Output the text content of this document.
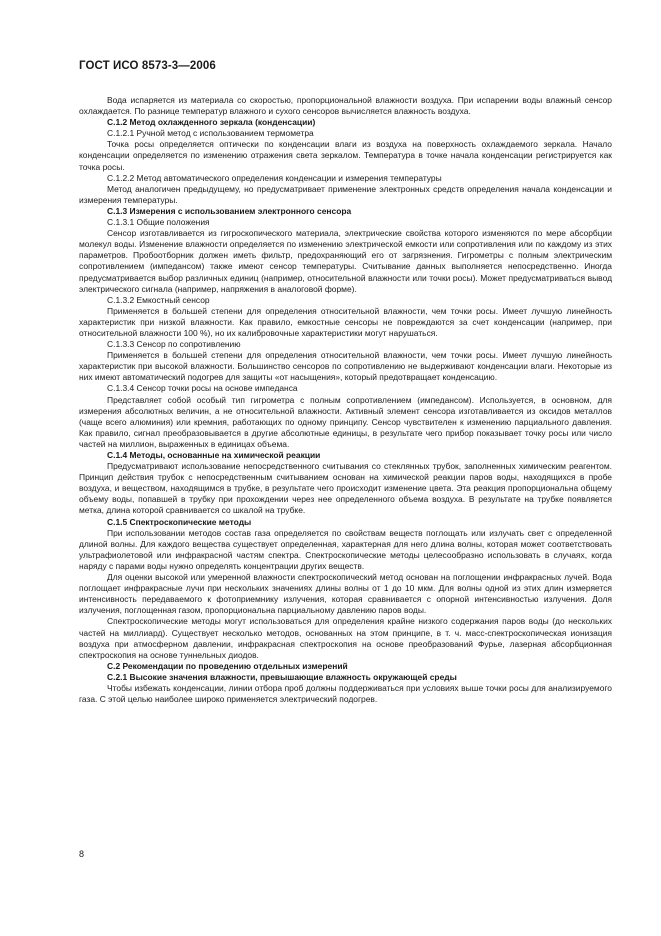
ГОСТ ИСО 8573-3—2006

Вода испаряется из материала со скоростью, пропорциональной влажности воздуха. При испарении воды влажный сенсор охлаждается. По разнице температур влажного и сухого сенсоров вычисляется влажность воздуха.

С.1.2 Метод охлажденного зеркала (конденсации)

С.1.2.1 Ручной метод с использованием термометра

Точка росы определяется оптически по конденсации влаги из воздуха на поверхность охлаждаемого зеркала. Начало конденсации определяется по изменению отражения света зеркалом. Температура в точке начала конденсации регистрируется как точка росы.

С.1.2.2 Метод автоматического определения конденсации и измерения температуры

Метод аналогичен предыдущему, но предусматривает применение электронных средств определения начала конденсации и измерения температуры.

С.1.3 Измерения с использованием электронного сенсора

С.1.3.1 Общие положения

Сенсор изготавливается из гигроскопического материала, электрические свойства которого изменяются по мере абсорбции молекул воды. Изменение влажности определяется по изменению электрической емкости или сопротивления или по каждому из этих параметров. Пробоотборник должен иметь фильтр, предохраняющий его от загрязнения. Гигрометры с полным электрическим сопротивлением (импедансом) также имеют сенсор температуры. Считывание данных выполняется непосредственно. Иногда предусматривается выбор различных единиц (например, относительной влажности или точки росы). Может предусматриваться вывод электрического сигнала (например, напряжения в аналоговой форме).

С.1.3.2 Емкостный сенсор

Применяется в большей степени для определения относительной влажности, чем точки росы. Имеет лучшую линейность характеристик при низкой влажности. Как правило, емкостные сенсоры не повреждаются за счет конденсации (например, при относительной влажности 100 %), но их калибровочные характеристики могут нарушаться.

С.1.3.3 Сенсор по сопротивлению

Применяется в большей степени для определения относительной влажности, чем точки росы. Имеет лучшую линейность характеристик при высокой влажности. Большинство сенсоров по сопротивлению не выдерживают конденсации влаги. Некоторые из них имеют автоматический подогрев для защиты «от насыщения», который предотвращает конденсацию.

С.1.3.4 Сенсор точки росы на основе импеданса

Представляет собой особый тип гигрометра с полным сопротивлением (импедансом). Используется, в основном, для измерения абсолютных величин, а не относительной влажности. Активный элемент сенсора изготавливается из оксидов металлов (чаще всего алюминия) или кремния, работающих по одному принципу. Сенсор чувствителен к изменению парциального давления. Как правило, сигнал преобразовывается в другие абсолютные единицы, в результате чего прибор показывает точку росы или число частей на миллион, выраженных в единицах объема.

С.1.4 Методы, основанные на химической реакции

Предусматривают использование непосредственного считывания со стеклянных трубок, заполненных химическим реагентом. Принцип действия трубок с непосредственным считыванием основан на химической реакции паров воды, находящихся в пробе воздуха, и веществом, находящимся в трубке, в результате чего происходит изменение цвета. Эта реакция пропорциональна общему объему воды, попавшей в трубку при прохождении через нее определенного объема воздуха. В результате на трубке появляется метка, длина которой сравнивается со шкалой на трубке.

С.1.5 Спектроскопические методы

При использовании методов состав газа определяется по свойствам веществ поглощать или излучать свет с определенной длиной волны. Для каждого вещества существует определенная, характерная для него длина волны, которая может соответствовать ультрафиолетовой или инфракрасной частям спектра. Спектроскопические методы целесообразно использовать в случаях, когда наряду с парами воды нужно определять концентрации других веществ.

Для оценки высокой или умеренной влажности спектроскопический метод основан на поглощении инфракрасных лучей. Вода поглощает инфракрасные лучи при нескольких значениях длины волны от 1 до 10 мкм. Для волны одной из этих длин измеряется интенсивность передаваемого к фотоприемнику излучения, которая сравнивается с опорной интенсивностью излучения. Доля излучения, поглощенная газом, пропорциональна парциальному давлению паров воды.

Спектроскопические методы могут использоваться для определения крайне низкого содержания паров воды (до нескольких частей на миллиард). Существует несколько методов, основанных на этом принципе, в т. ч. масс-спектроскопическая ионизация воздуха при атмосферном давлении, инфракрасная спектроскопия на основе преобразований Фурье, лазерная абсорбционная спектроскопия на основе туннельных диодов.

С.2 Рекомендации по проведению отдельных измерений

С.2.1 Высокие значения влажности, превышающие влажность окружающей среды

Чтобы избежать конденсации, линии отбора проб должны поддерживаться при условиях выше точки росы для анализируемого газа. С этой целью наиболее широко применяется электрический подогрев.

8
